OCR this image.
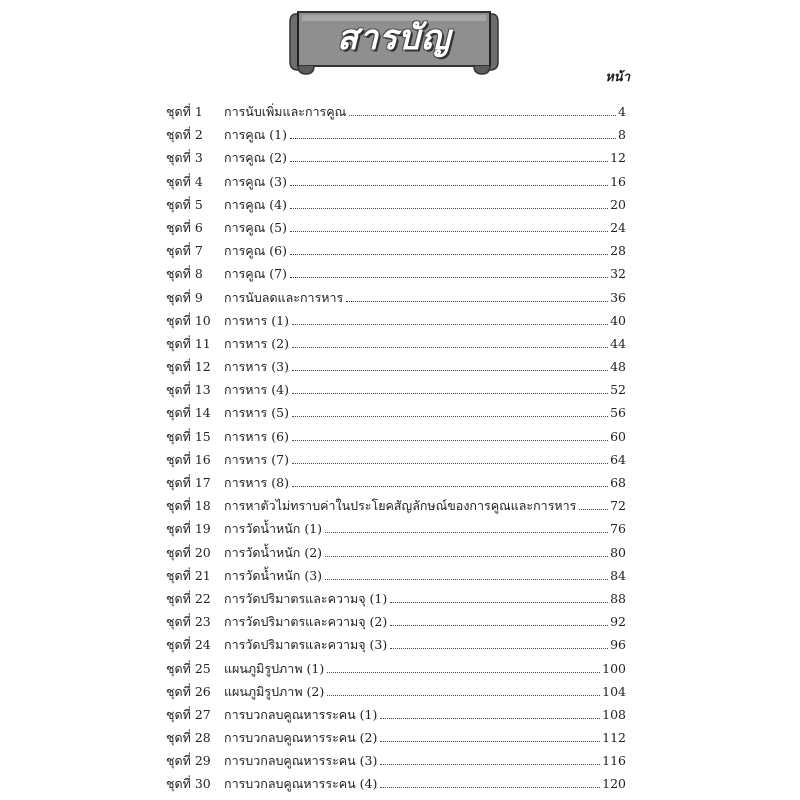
สารบัญ
หน้า
ชุดที่ 1	การนับเพิ่มและการคูณ	4
ชุดที่ 2	การคูณ (1)	8
ชุดที่ 3	การคูณ (2)	12
ชุดที่ 4	การคูณ (3)	16
ชุดที่ 5	การคูณ (4)	20
ชุดที่ 6	การคูณ (5)	24
ชุดที่ 7	การคูณ (6)	28
ชุดที่ 8	การคูณ (7)	32
ชุดที่ 9	การนับลดและการหาร	36
ชุดที่ 10	การหาร (1)	40
ชุดที่ 11	การหาร (2)	44
ชุดที่ 12	การหาร (3)	48
ชุดที่ 13	การหาร (4)	52
ชุดที่ 14	การหาร (5)	56
ชุดที่ 15	การหาร (6)	60
ชุดที่ 16	การหาร (7)	64
ชุดที่ 17	การหาร (8)	68
ชุดที่ 18	การหาตัวไม่ทราบค่าในประโยคสัญลักษณ์ของการคูณและการหาร	72
ชุดที่ 19	การวัดน้ำหนัก (1)	76
ชุดที่ 20	การวัดน้ำหนัก (2)	80
ชุดที่ 21	การวัดน้ำหนัก (3)	84
ชุดที่ 22	การวัดปริมาตรและความจุ (1)	88
ชุดที่ 23	การวัดปริมาตรและความจุ (2)	92
ชุดที่ 24	การวัดปริมาตรและความจุ (3)	96
ชุดที่ 25	แผนภูมิรูปภาพ (1)	100
ชุดที่ 26	แผนภูมิรูปภาพ (2)	104
ชุดที่ 27	การบวกลบคูณหารระคน (1)	108
ชุดที่ 28	การบวกลบคูณหารระคน (2)	112
ชุดที่ 29	การบวกลบคูณหารระคน (3)	116
ชุดที่ 30	การบวกลบคูณหารระคน (4)	120
